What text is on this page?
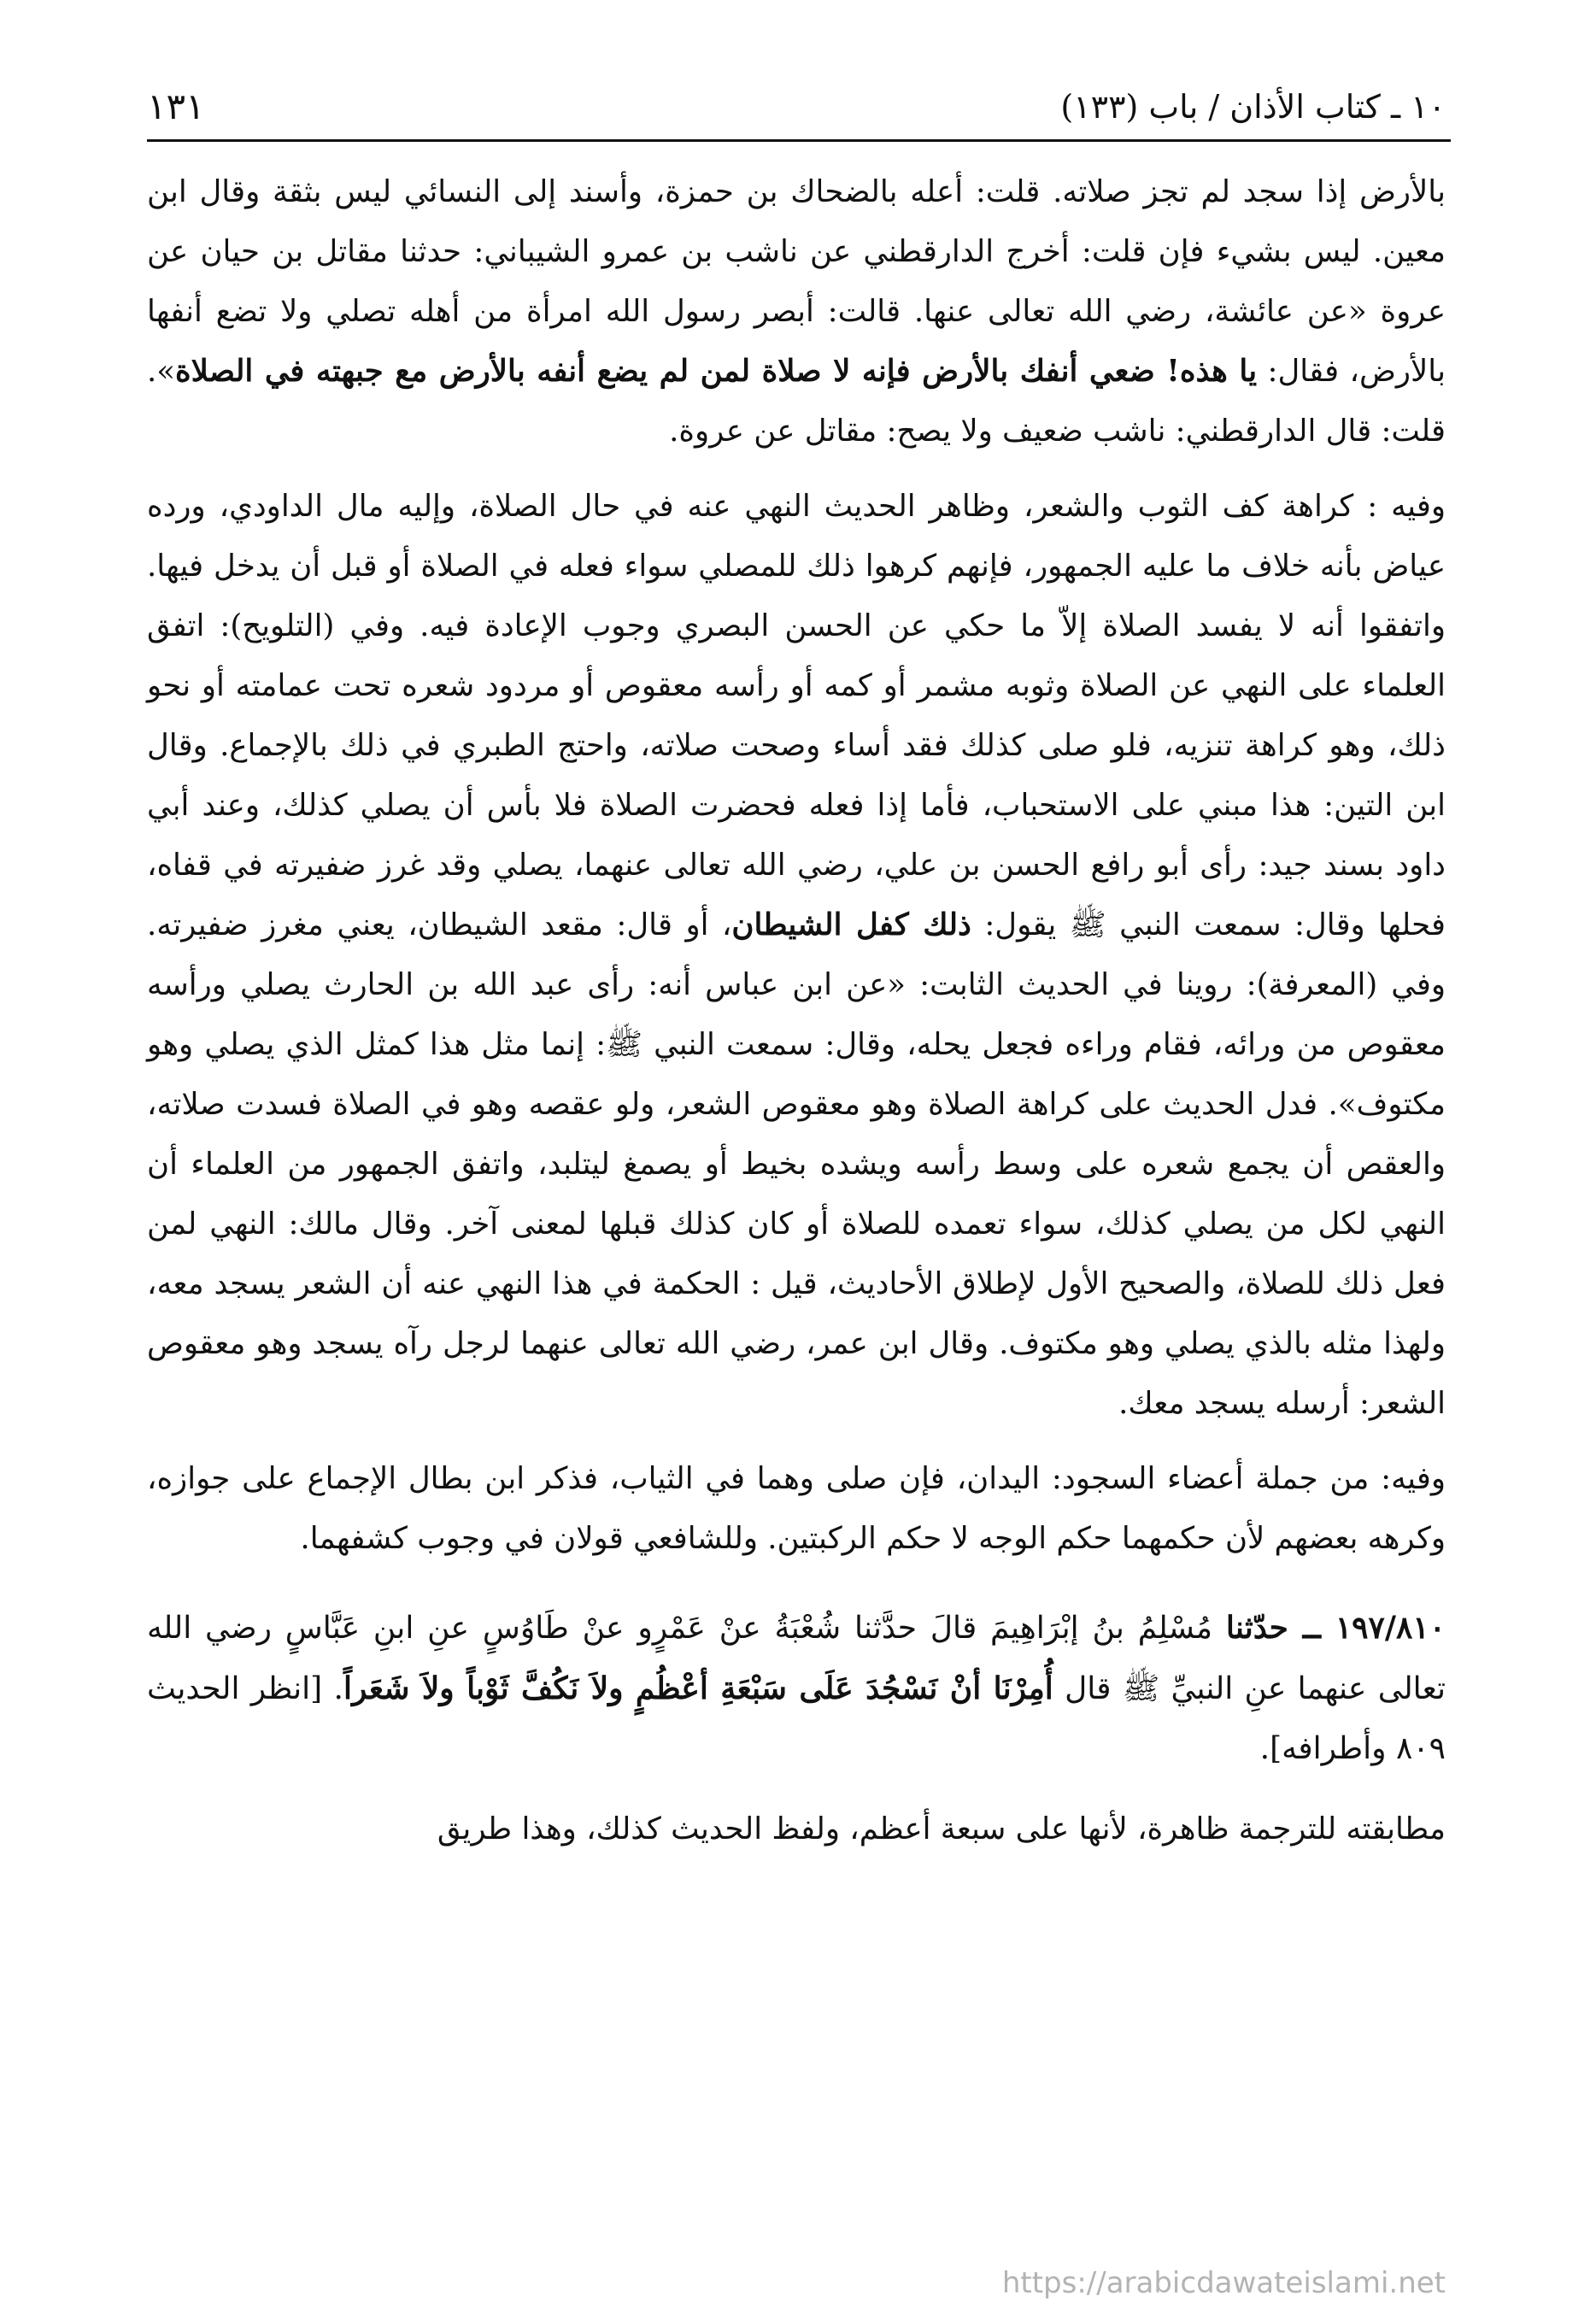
١٣١	١٠ ـ كتاب الأذان / باب (١٣٣)

بالأرض إذا سجد لم تجز صلاته. قلت: أعله بالضحاك بن حمزة، وأسند إلى النسائي ليس بثقة وقال ابن معين. ليس بشيء فإن قلت: أخرج الدارقطني عن ناشب بن عمرو الشيباني: حدثنا مقاتل بن حيان عن عروة «عن عائشة، رضي الله تعالى عنها. قالت: أبصر رسول الله امرأة من أهله تصلي ولا تضع أنفها بالأرض، فقال: يا هذه! ضعي أنفك بالأرض فإنه لا صلاة لمن لم يضع أنفه بالأرض مع جبهته في الصلاة». قلت: قال الدارقطني: ناشب ضعيف ولا يصح: مقاتل عن عروة.

وفيه : كراهة كف الثوب والشعر، وظاهر الحديث النهي عنه في حال الصلاة، وإليه مال الداودي، ورده عياض بأنه خلاف ما عليه الجمهور، فإنهم كرهوا ذلك للمصلي سواء فعله في الصلاة أو قبل أن يدخل فيها. واتفقوا أنه لا يفسد الصلاة إلاّ ما حكي عن الحسن البصري وجوب الإعادة فيه. وفي (التلويح): اتفق العلماء على النهي عن الصلاة وثوبه مشمر أو كمه أو رأسه معقوص أو مردود شعره تحت عمامته أو نحو ذلك، وهو كراهة تنزيه، فلو صلى كذلك فقد أساء وصحت صلاته، واحتج الطبري في ذلك بالإجماع. وقال ابن التين: هذا مبني على الاستحباب، فأما إذا فعله فحضرت الصلاة فلا بأس أن يصلي كذلك، وعند أبي داود بسند جيد: رأى أبو رافع الحسن بن علي، رضي الله تعالى عنهما، يصلي وقد غرز ضفيرته في قفاه، فحلها وقال: سمعت النبي ﷺ يقول: ذلك كفل الشيطان، أو قال: مقعد الشيطان، يعني مغرز ضفيرته. وفي (المعرفة): روينا في الحديث الثابت: «عن ابن عباس أنه: رأى عبد الله بن الحارث يصلي ورأسه معقوص من ورائه، فقام وراءه فجعل يحله، وقال: سمعت النبي ﷺ: إنما مثل هذا كمثل الذي يصلي وهو مكتوف». فدل الحديث على كراهة الصلاة وهو معقوص الشعر، ولو عقصه وهو في الصلاة فسدت صلاته، والعقص أن يجمع شعره على وسط رأسه ويشده بخيط أو يصمغ ليتلبد، واتفق الجمهور من العلماء أن النهي لكل من يصلي كذلك، سواء تعمده للصلاة أو كان كذلك قبلها لمعنى آخر. وقال مالك: النهي لمن فعل ذلك للصلاة، والصحيح الأول لإطلاق الأحاديث، قيل : الحكمة في هذا النهي عنه أن الشعر يسجد معه، ولهذا مثله بالذي يصلي وهو مكتوف. وقال ابن عمر، رضي الله تعالى عنهما لرجل رآه يسجد وهو معقوص الشعر: أرسله يسجد معك.

وفيه: من جملة أعضاء السجود: اليدان، فإن صلى وهما في الثياب، فذكر ابن بطال الإجماع على جوازه، وكرهه بعضهم لأن حكمهما حكم الوجه لا حكم الركبتين. وللشافعي قولان في وجوب كشفهما.

١٩٧/٨١٠ ــ حدّثنا مُسْلِمُ بنُ إبْرَاهِيمَ قالَ حدَّثنا شُعْبَةُ عنْ عَمْرٍو عنْ طَاوُسٍ عنِ ابنِ عَبَّاسٍ رضي الله تعالى عنهما عنِ النبيِّ ﷺ قال أُمِرْنَا أنْ نَسْجُدَ عَلَى سَبْعَةِ أعْظُمٍ ولاَ نَكُفَّ ثَوْباً ولاَ شَعَراً. [انظر الحديث ٨٠٩ وأطرافه].

مطابقته للترجمة ظاهرة، لأنها على سبعة أعظم، ولفظ الحديث كذلك، وهذا طريق

https://arabicdawateislami.net
